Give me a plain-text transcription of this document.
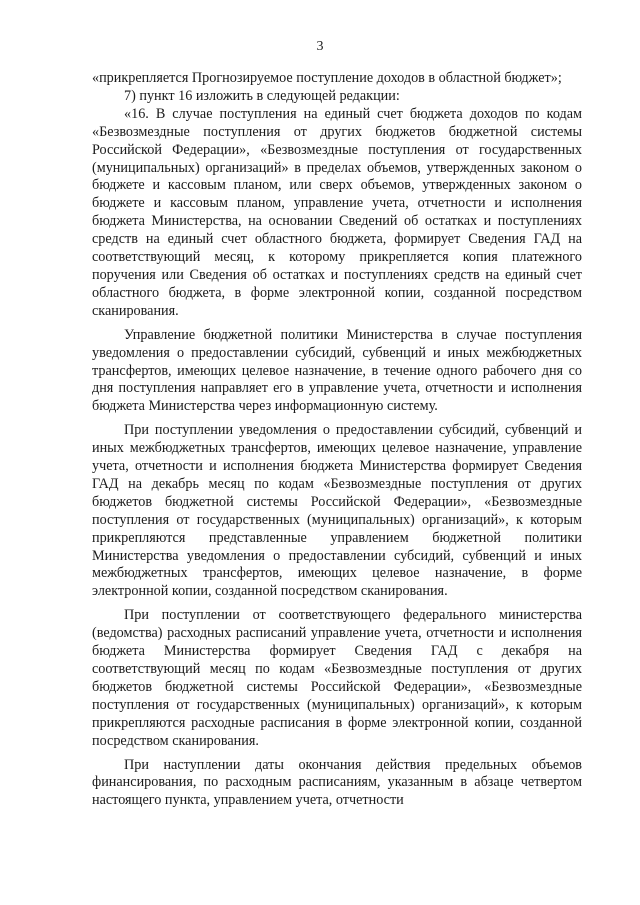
3

«прикрепляется Прогнозируемое поступление доходов в областной бюджет»;

7) пункт 16 изложить в следующей редакции:

«16. В случае поступления на единый счет бюджета доходов по кодам «Безвозмездные поступления от других бюджетов бюджетной системы Российской Федерации», «Безвозмездные поступления от государственных (муниципальных) организаций» в пределах объемов, утвержденных законом о бюджете и кассовым планом, или сверх объемов, утвержденных законом о бюджете и кассовым планом, управление учета, отчетности и исполнения бюджета Министерства, на основании Сведений об остатках и поступлениях средств на единый счет областного бюджета, формирует Сведения ГАД на соответствующий месяц, к которому прикрепляется копия платежного поручения или Сведения об остатках и поступлениях средств на единый счет областного бюджета, в форме электронной копии, созданной посредством сканирования.

Управление бюджетной политики Министерства в случае поступления уведомления о предоставлении субсидий, субвенций и иных межбюджетных трансфертов, имеющих целевое назначение, в течение одного рабочего дня со дня поступления направляет его в управление учета, отчетности и исполнения бюджета Министерства через информационную систему.

При поступлении уведомления о предоставлении субсидий, субвенций и иных межбюджетных трансфертов, имеющих целевое назначение, управление учета, отчетности и исполнения бюджета Министерства формирует Сведения ГАД на декабрь месяц по кодам «Безвозмездные поступления от других бюджетов бюджетной системы Российской Федерации», «Безвозмездные поступления от государственных (муниципальных) организаций», к которым прикрепляются представленные управлением бюджетной политики Министерства уведомления о предоставлении субсидий, субвенций и иных межбюджетных трансфертов, имеющих целевое назначение, в форме электронной копии, созданной посредством сканирования.

При поступлении от соответствующего федерального министерства (ведомства) расходных расписаний управление учета, отчетности и исполнения бюджета Министерства формирует Сведения ГАД с декабря на соответствующий месяц по кодам «Безвозмездные поступления от других бюджетов бюджетной системы Российской Федерации», «Безвозмездные поступления от государственных (муниципальных) организаций», к которым прикрепляются расходные расписания в форме электронной копии, созданной посредством сканирования.

При наступлении даты окончания действия предельных объемов финансирования, по расходным расписаниям, указанным в абзаце четвертом настоящего пункта, управлением учета, отчетности
